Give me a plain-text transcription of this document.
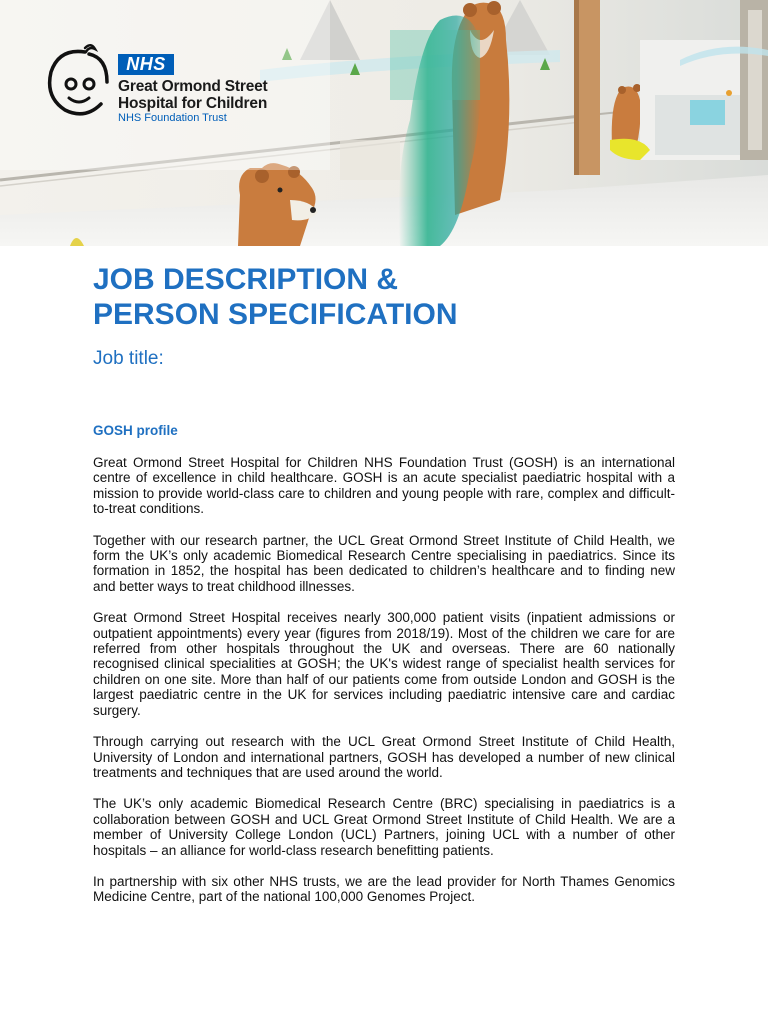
NHS
Great Ormond Street
Hospital for Children
NHS Foundation Trust
JOB DESCRIPTION &
PERSON SPECIFICATION
Job title:
GOSH profile

Great Ormond Street Hospital for Children NHS Foundation Trust (GOSH) is an international centre of excellence in child healthcare. GOSH is an acute specialist paediatric hospital with a mission to provide world-class care to children and young people with rare, complex and difficult-to-treat conditions.

Together with our research partner, the UCL Great Ormond Street Institute of Child Health, we form the UK’s only academic Biomedical Research Centre specialising in paediatrics. Since its formation in 1852, the hospital has been dedicated to children’s healthcare and to finding new and better ways to treat childhood illnesses.

Great Ormond Street Hospital receives nearly 300,000 patient visits (inpatient admissions or outpatient appointments) every year (figures from 2018/19). Most of the children we care for are referred from other hospitals throughout the UK and overseas. There are 60 nationally recognised clinical specialities at GOSH; the UK's widest range of specialist health services for children on one site. More than half of our patients come from outside London and GOSH is the largest paediatric centre in the UK for services including paediatric intensive care and cardiac surgery.

Through carrying out research with the UCL Great Ormond Street Institute of Child Health, University of London and international partners, GOSH has developed a number of new clinical treatments and techniques that are used around the world.

The UK’s only academic Biomedical Research Centre (BRC) specialising in paediatrics is a collaboration between GOSH and UCL Great Ormond Street Institute of Child Health. We are a member of University College London (UCL) Partners, joining UCL with a number of other hospitals – an alliance for world-class research benefitting patients.

In partnership with six other NHS trusts, we are the lead provider for North Thames Genomics Medicine Centre, part of the national 100,000 Genomes Project.
